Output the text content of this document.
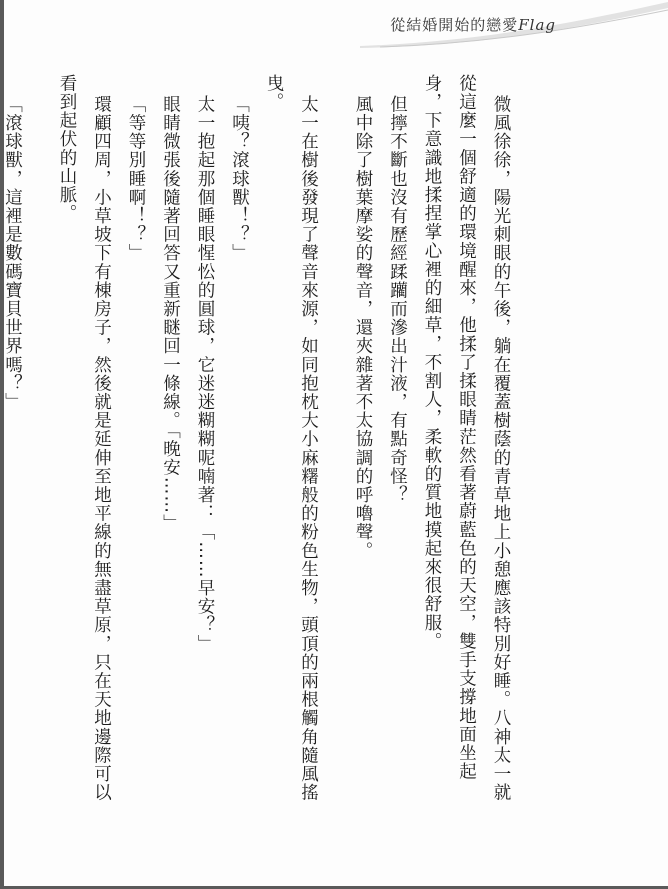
從結婚開始的戀愛Flag

微風徐徐，陽光刺眼的午後，躺在覆蓋樹蔭的青草地上小憩應該特別好睡。八神太一就從這麼一個舒適的環境醒來，他揉了揉眼睛茫然看著蔚藍色的天空，雙手支撐地面坐起身，下意識地揉捏掌心裡的細草，不割人，柔軟的質地摸起來很舒服。

但擰不斷也沒有歷經蹂躪而滲出汁液，有點奇怪？

風中除了樹葉摩娑的聲音，還夾雜著不太協調的呼嚕聲。

太一在樹後發現了聲音來源，如同抱枕大小麻糬般的粉色生物，頭頂的兩根觸角隨風搖曳。

「咦？滾球獸！？」

太一抱起那個睡眼惺忪的圓球，它迷迷糊糊呢喃著：「……早安？」

眼睛微張後隨著回答又重新瞇回一條線。「晚安……」

「等等別睡啊！？」

環顧四周，小草坡下有棟房子，然後就是延伸至地平線的無盡草原，只在天地邊際可以看到起伏的山脈。

「滾球獸，這裡是數碼寶貝世界嗎？」
